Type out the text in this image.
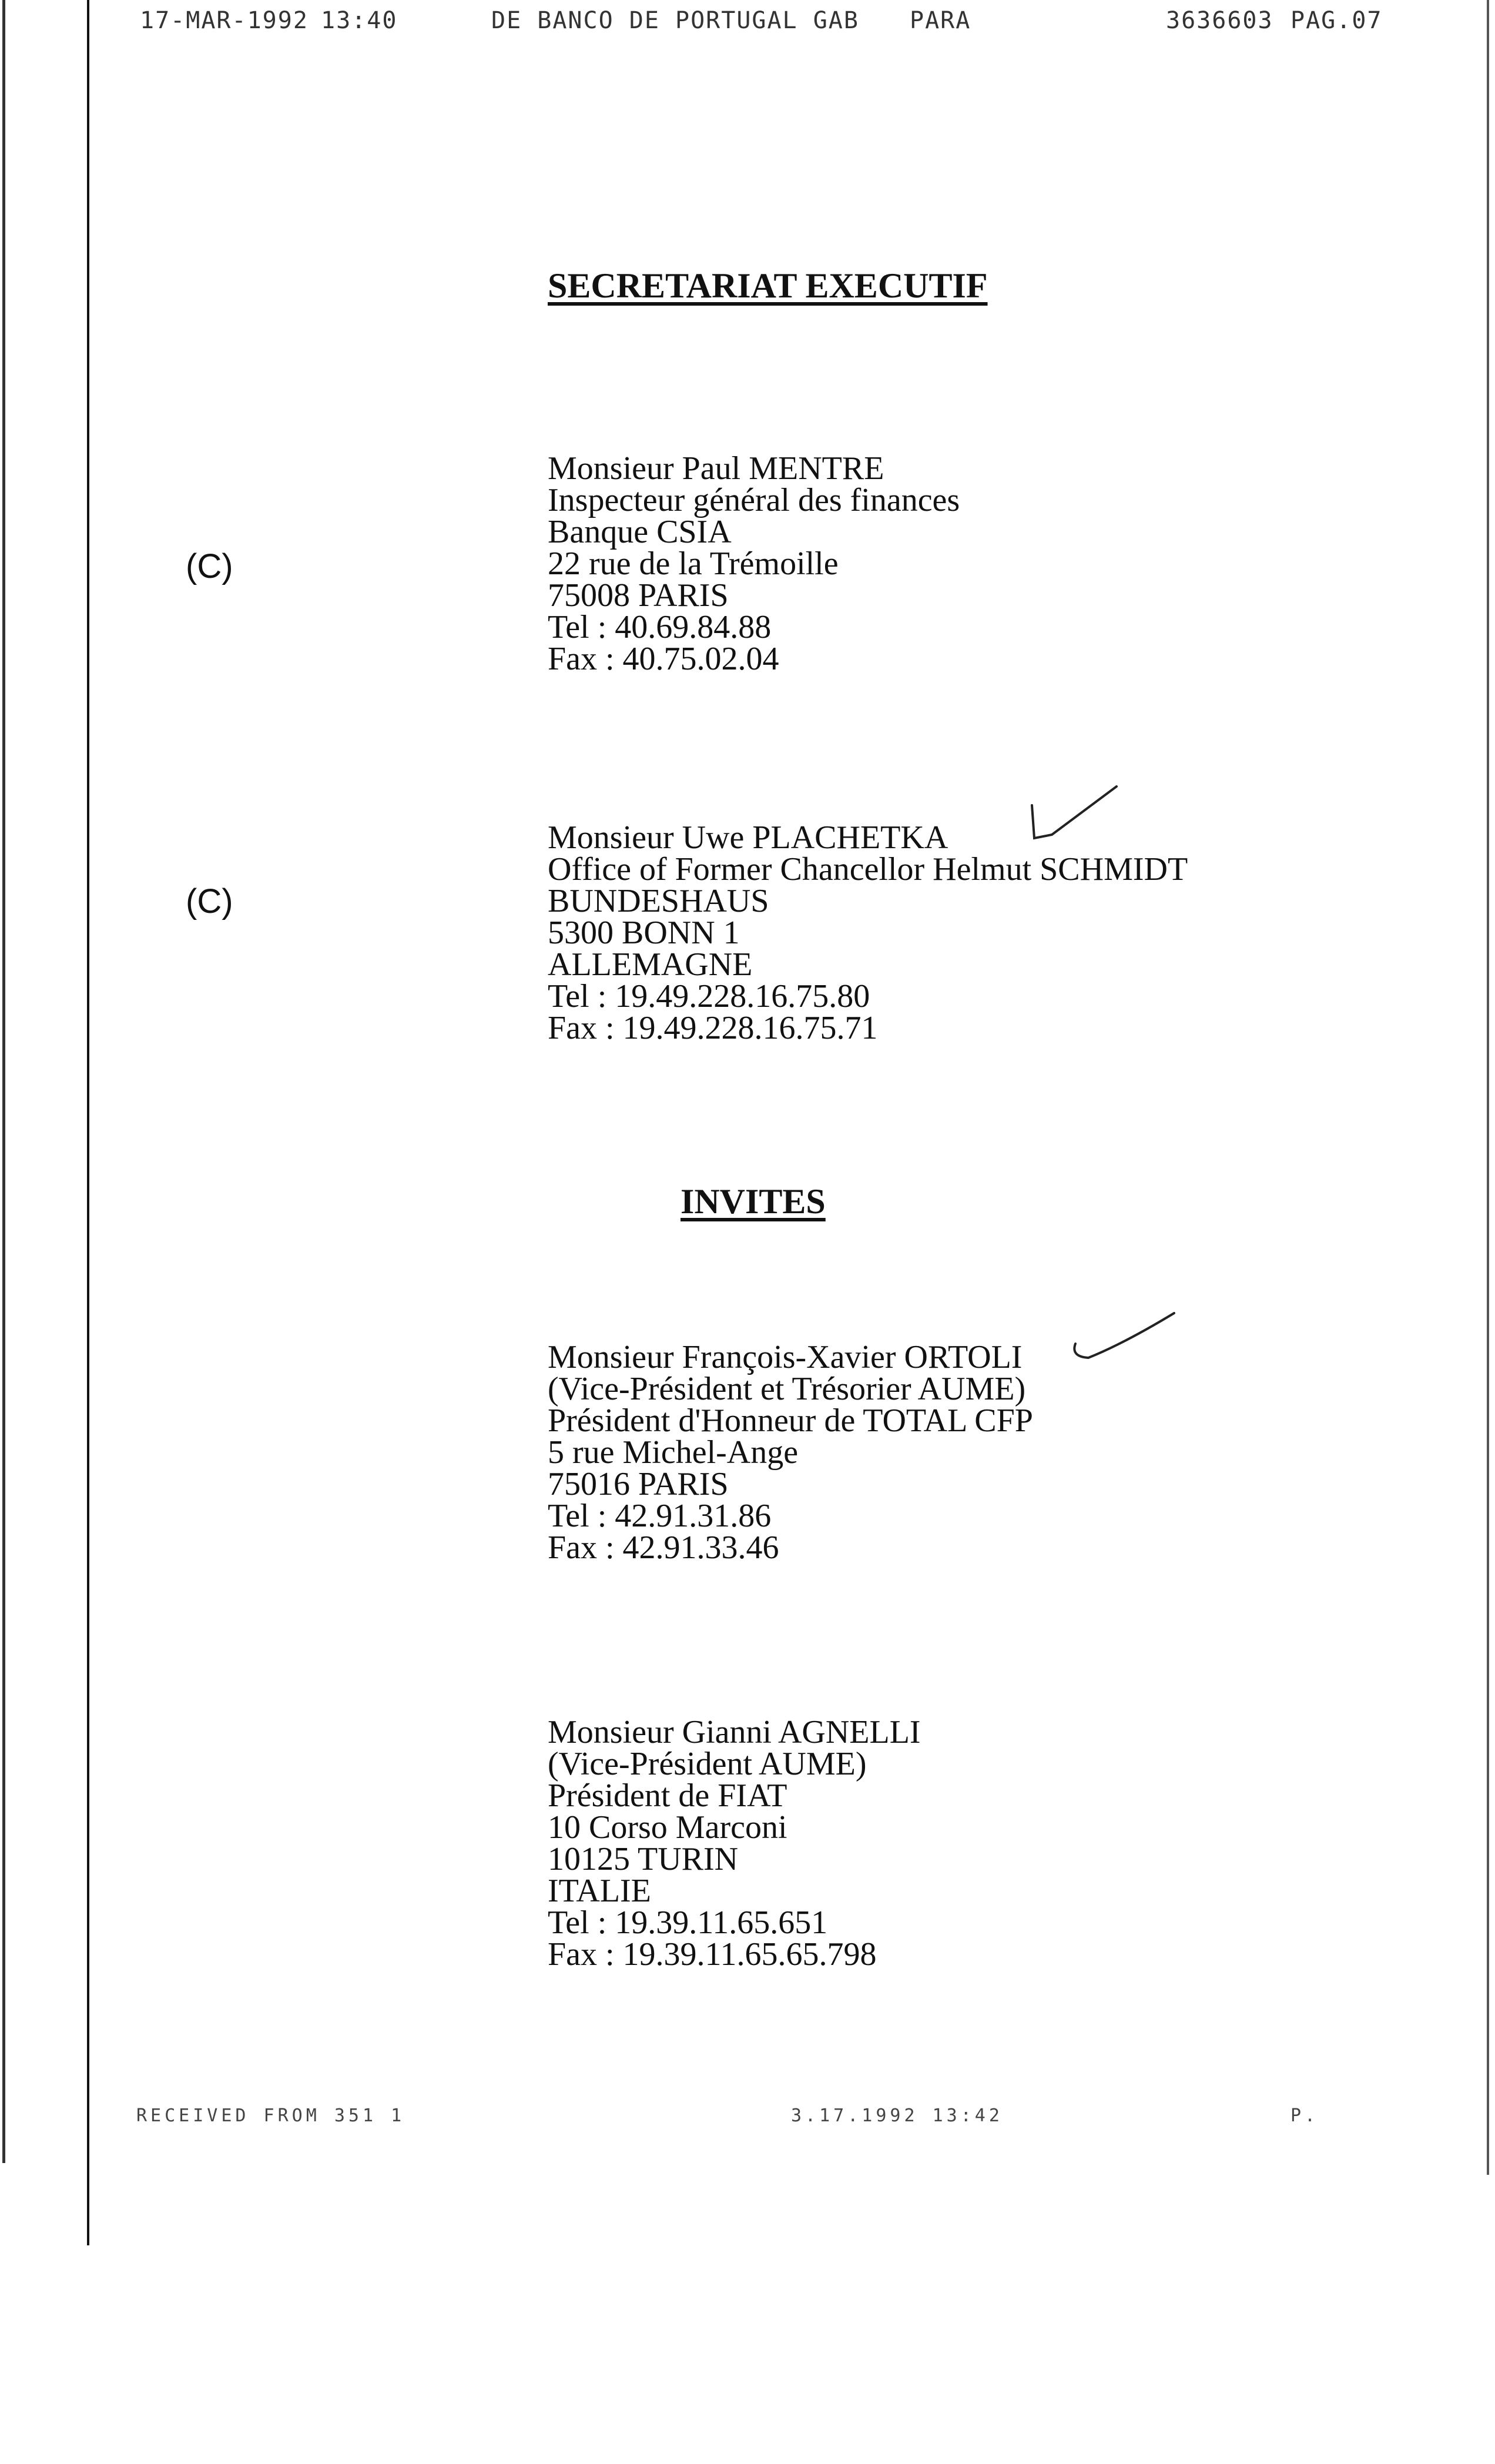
17-MAR-1992 13:40	DE BANCO DE PORTUGAL GAB PARA	3636603 PAG.07
SECRETARIAT EXECUTIF
(C)
Monsieur Paul MENTRE
Inspecteur général des finances
Banque CSIA
22 rue de la Trémoille
75008 PARIS
Tel : 40.69.84.88
Fax : 40.75.02.04
(C)
Monsieur Uwe PLACHETKA
Office of Former Chancellor Helmut SCHMIDT
BUNDESHAUS
5300 BONN 1
ALLEMAGNE
Tel : 19.49.228.16.75.80
Fax : 19.49.228.16.75.71
INVITES
Monsieur François-Xavier ORTOLI
(Vice-Président et Trésorier AUME)
Président d'Honneur de TOTAL CFP
5 rue Michel-Ange
75016 PARIS
Tel : 42.91.31.86
Fax : 42.91.33.46
Monsieur Gianni AGNELLI
(Vice-Président AUME)
Président de FIAT
10 Corso Marconi
10125 TURIN
ITALIE
Tel : 19.39.11.65.651
Fax : 19.39.11.65.65.798
RECEIVED FROM 351 1	3.17.1992 13:42	P.
